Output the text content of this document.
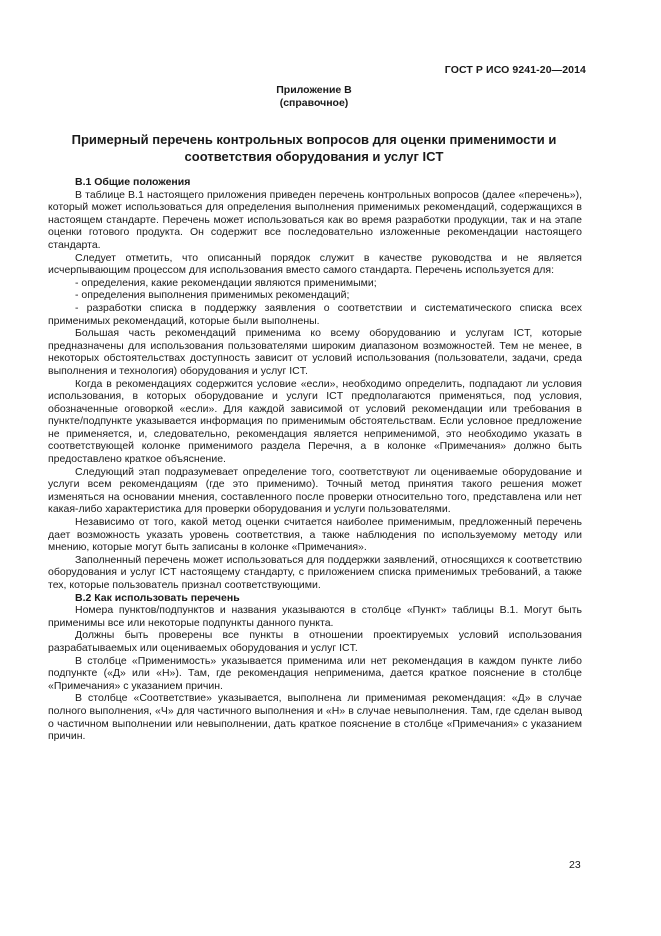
ГОСТ Р ИСО 9241-20—2014
Приложение В
(справочное)
Примерный перечень контрольных вопросов для оценки применимости и соответствия оборудования и услуг ICT

В.1 Общие положения

В таблице В.1 настоящего приложения приведен перечень контрольных вопросов (далее «перечень»), который может использоваться для определения выполнения применимых рекомендаций, содержащихся в настоящем стандарте. Перечень может использоваться как во время разработки продукции, так и на этапе оценки готового продукта. Он содержит все последовательно изложенные рекомендации настоящего стандарта.

Следует отметить, что описанный порядок служит в качестве руководства и не является исчерпывающим процессом для использования вместо самого стандарта. Перечень используется для:

- определения, какие рекомендации являются применимыми;

- определения выполнения применимых рекомендаций;

- разработки списка в поддержку заявления о соответствии и систематического списка всех применимых рекомендаций, которые были выполнены.

Большая часть рекомендаций применима ко всему оборудованию и услугам ICT, которые предназначены для использования пользователями широким диапазоном возможностей. Тем не менее, в некоторых обстоятельствах доступность зависит от условий использования (пользователи, задачи, среда выполнения и технология) оборудования и услуг ICT.

Когда в рекомендациях содержится условие «если», необходимо определить, подпадают ли условия использования, в которых оборудование и услуги ICT предполагаются применяться, под условия, обозначенные оговоркой «если». Для каждой зависимой от условий рекомендации или требования в пункте/подпункте указывается информация по применимым обстоятельствам. Если условное предложение не применяется, и, следовательно, рекомендация является неприменимой, это необходимо указать в соответствующей колонке применимого раздела Перечня, а в колонке «Примечания» должно быть предоставлено краткое объяснение.

Следующий этап подразумевает определение того, соответствуют ли оцениваемые оборудование и услуги всем рекомендациям (где это применимо). Точный метод принятия такого решения может изменяться на основании мнения, составленного после проверки относительно того, представлена или нет какая-либо характеристика для проверки оборудования и услуги пользователями.

Независимо от того, какой метод оценки считается наиболее применимым, предложенный перечень дает возможность указать уровень соответствия, а также наблюдения по используемому методу или мнению, которые могут быть записаны в колонке «Примечания».

Заполненный перечень может использоваться для поддержки заявлений, относящихся к соответствию оборудования и услуг ICT настоящему стандарту, с приложением списка применимых требований, а также тех, которые пользователь признал соответствующими.

В.2 Как использовать перечень

Номера пунктов/подпунктов и названия указываются в столбце «Пункт» таблицы В.1. Могут быть применимы все или некоторые подпункты данного пункта.

Должны быть проверены все пункты в отношении проектируемых условий использования разрабатываемых или оцениваемых оборудования и услуг ICT.

В столбце «Применимость» указывается применима или нет рекомендация в каждом пункте либо подпункте («Д» или «Н»). Там, где рекомендация неприменима, дается краткое пояснение в столбце «Примечания» с указанием причин.

В столбце «Соответствие» указывается, выполнена ли применимая рекомендация: «Д» в случае полного выполнения, «Ч» для частичного выполнения и «Н» в случае невыполнения. Там, где сделан вывод о частичном выполнении или невыполнении, дать краткое пояснение в столбце «Примечания» с указанием причин.

23
